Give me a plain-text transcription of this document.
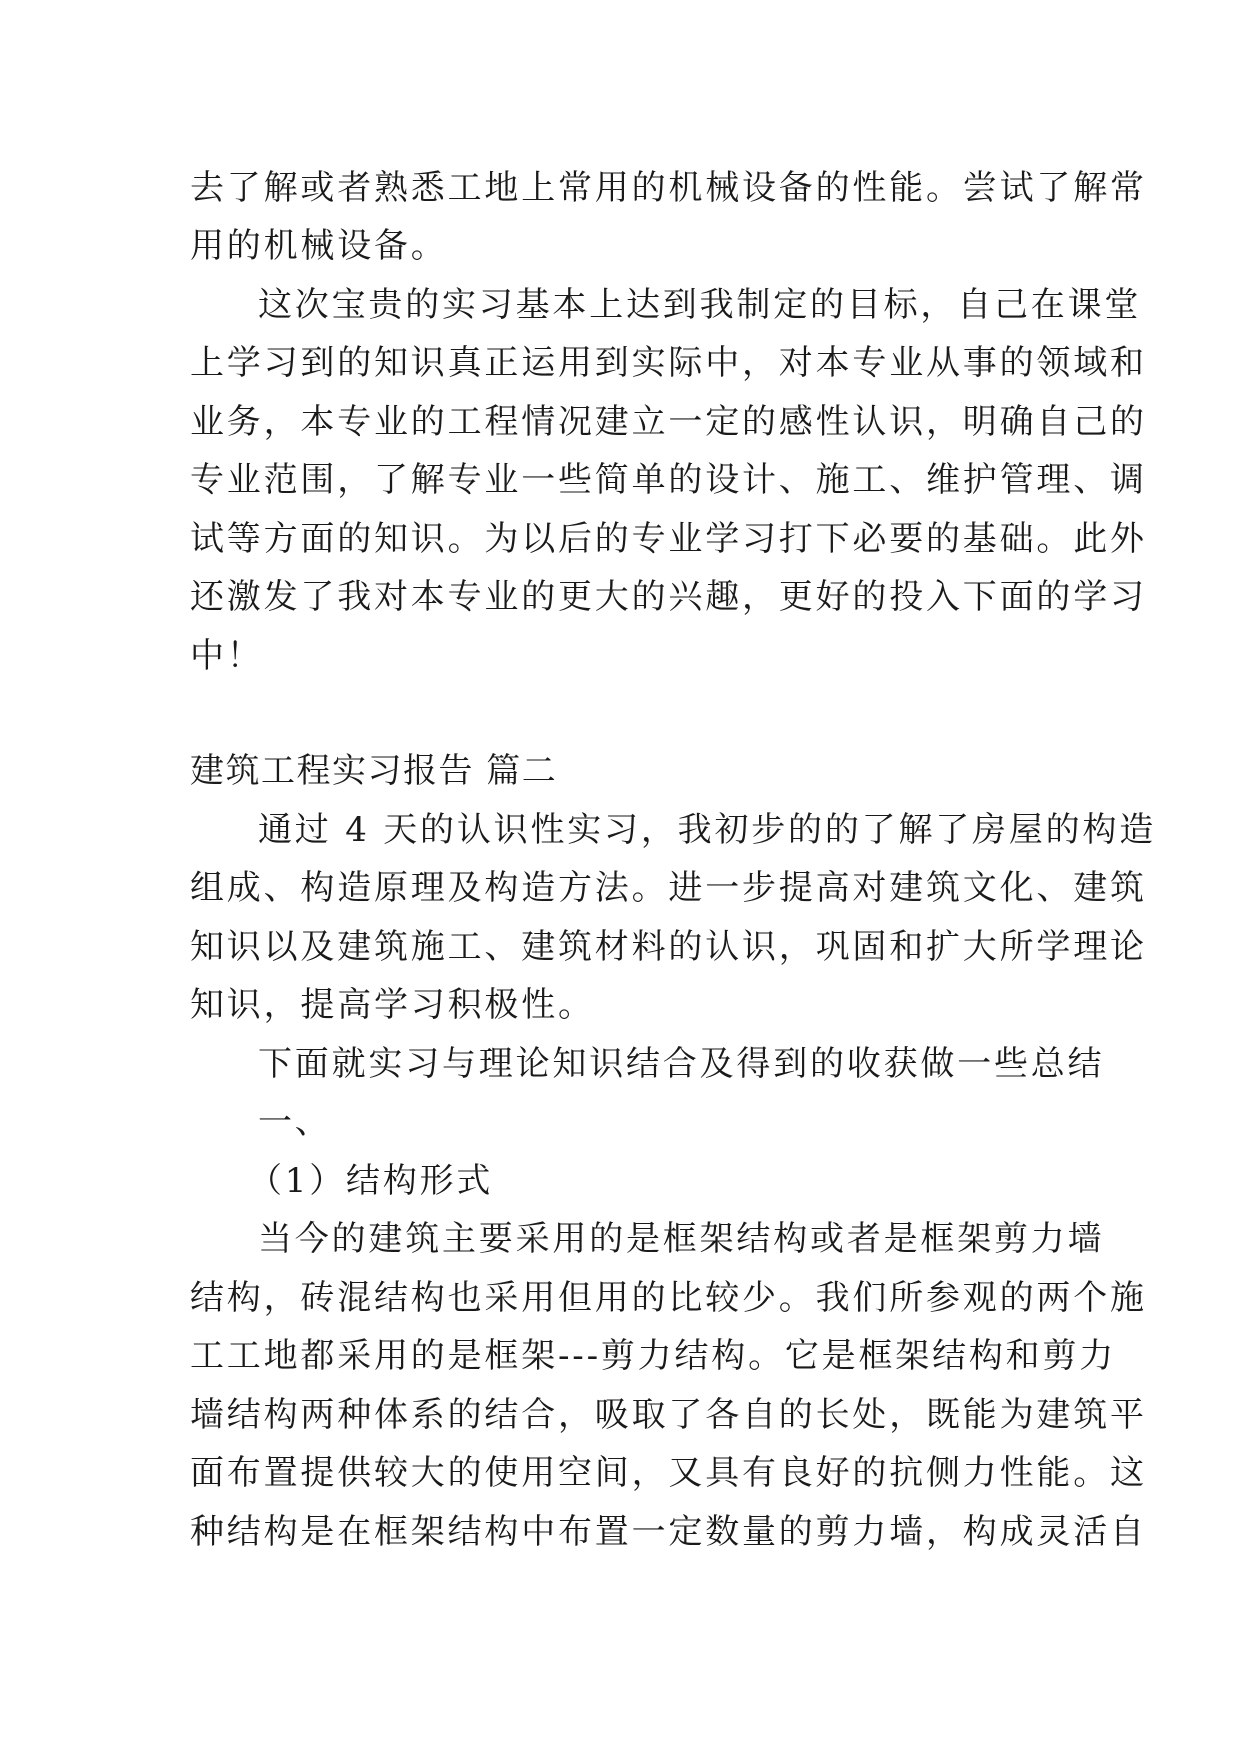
去了解或者熟悉工地上常用的机械设备的性能。尝试了解常
用的机械设备。
这次宝贵的实习基本上达到我制定的目标，自己在课堂
上学习到的知识真正运用到实际中，对本专业从事的领域和
业务，本专业的工程情况建立一定的感性认识，明确自己的
专业范围，了解专业一些简单的设计、施工、维护管理、调
试等方面的知识。为以后的专业学习打下必要的基础。此外
还激发了我对本专业的更大的兴趣，更好的投入下面的学习
中！
建筑工程实习报告 篇二
通过 4 天的认识性实习，我初步的的了解了房屋的构造
组成、构造原理及构造方法。进一步提高对建筑文化、建筑
知识以及建筑施工、建筑材料的认识，巩固和扩大所学理论
知识，提高学习积极性。
下面就实习与理论知识结合及得到的收获做一些总结
一、
（1）结构形式
当今的建筑主要采用的是框架结构或者是框架剪力墙
结构，砖混结构也采用但用的比较少。我们所参观的两个施
工工地都采用的是框架---剪力结构。它是框架结构和剪力
墙结构两种体系的结合，吸取了各自的长处，既能为建筑平
面布置提供较大的使用空间，又具有良好的抗侧力性能。这
种结构是在框架结构中布置一定数量的剪力墙，构成灵活自
